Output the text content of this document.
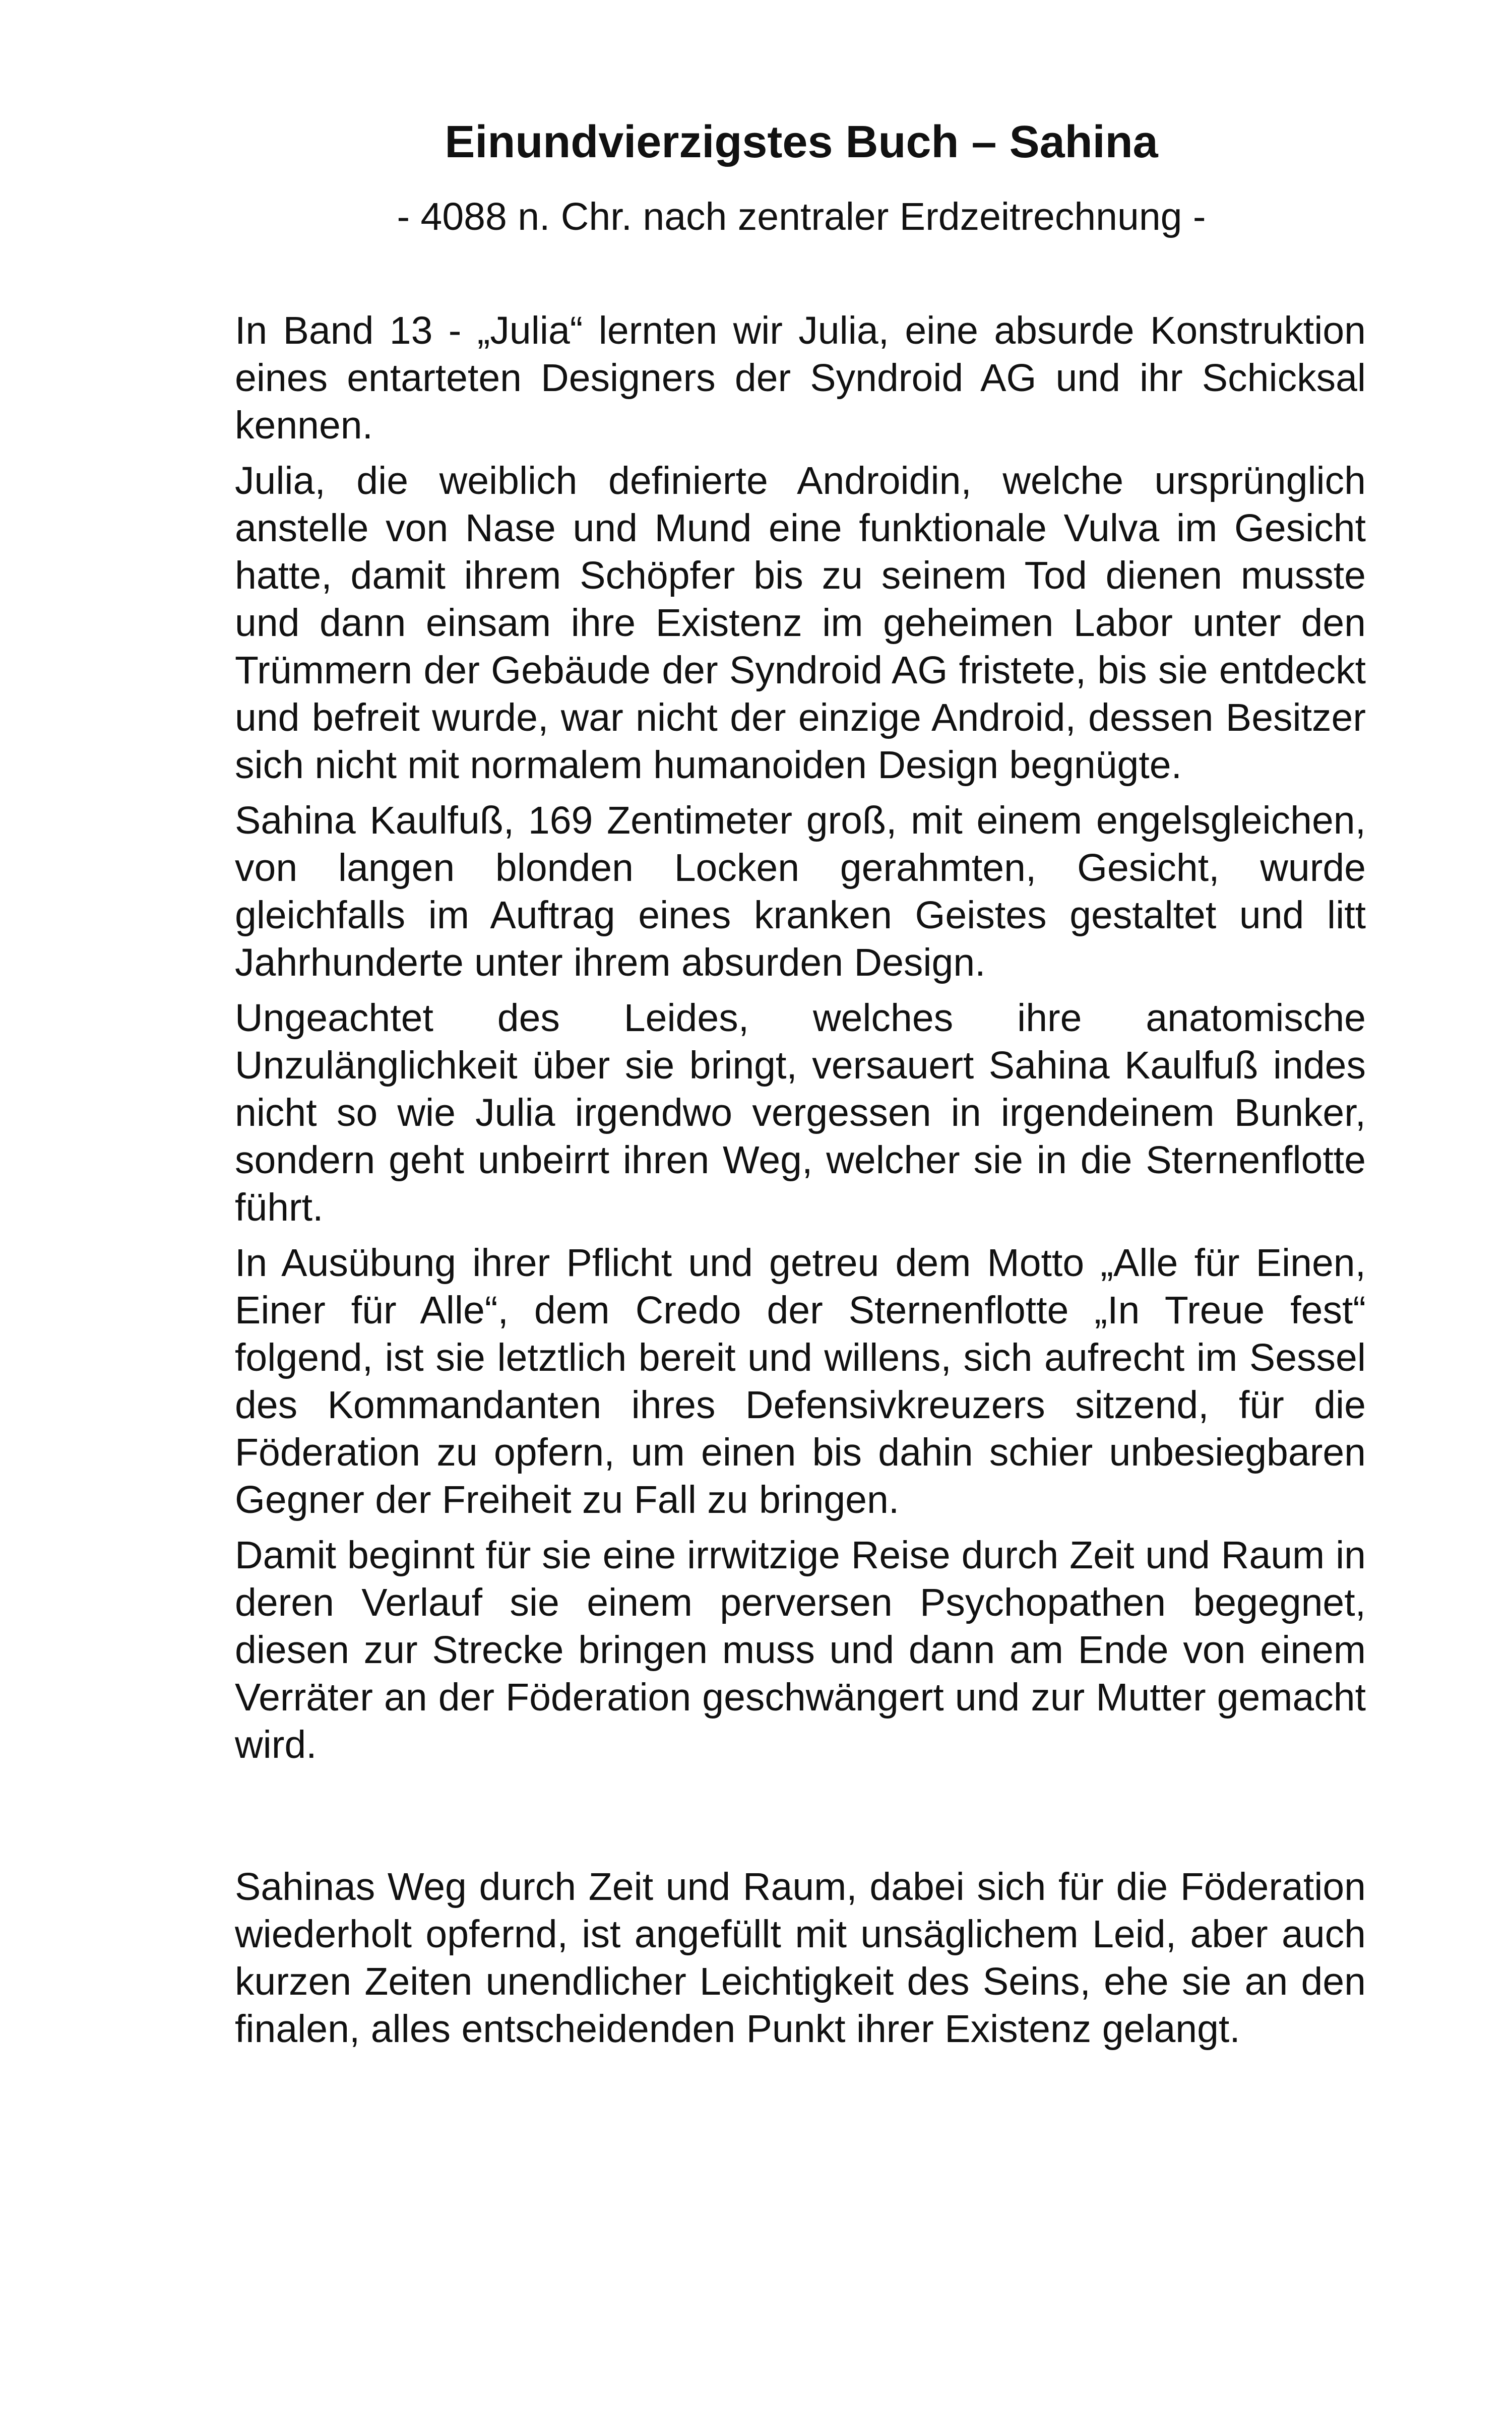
Einundvierzigstes Buch – Sahina
- 4088 n. Chr. nach zentraler Erdzeitrechnung -

In Band 13 - „Julia“ lernten wir Julia, eine absurde Konstruktion eines entarteten Designers der Syndroid AG und ihr Schicksal kennen.

Julia, die weiblich definierte Androidin, welche ursprünglich anstelle von Nase und Mund eine funktionale Vulva im Gesicht hatte, damit ihrem Schöpfer bis zu seinem Tod dienen musste und dann einsam ihre Existenz im geheimen Labor unter den Trümmern der Gebäude der Syndroid AG fristete, bis sie entdeckt und befreit wurde, war nicht der einzige Android, dessen Besitzer sich nicht mit normalem humanoiden Design begnügte.

Sahina Kaulfuß, 169 Zentimeter groß, mit einem engelsgleichen, von langen blonden Locken gerahmten, Gesicht, wurde gleichfalls im Auftrag eines kranken Geistes gestaltet und litt Jahrhunderte unter ihrem absurden Design.

Ungeachtet des Leides, welches ihre anatomische Unzulänglichkeit über sie bringt, versauert Sahina Kaulfuß indes nicht so wie Julia irgendwo vergessen in irgendeinem Bunker, sondern geht unbeirrt ihren Weg, welcher sie in die Sternenflotte führt.

In Ausübung ihrer Pflicht und getreu dem Motto „Alle für Einen, Einer für Alle“, dem Credo der Sternenflotte „In Treue fest“ folgend, ist sie letztlich bereit und willens, sich aufrecht im Sessel des Kommandanten ihres Defensivkreuzers sitzend, für die Föderation zu opfern, um einen bis dahin schier unbesiegbaren Gegner der Freiheit zu Fall zu bringen.

Damit beginnt für sie eine irrwitzige Reise durch Zeit und Raum in deren Verlauf sie einem perversen Psychopathen begegnet, diesen zur Strecke bringen muss und dann am Ende von einem Verräter an der Föderation geschwängert und zur Mutter gemacht wird.

Sahinas Weg durch Zeit und Raum, dabei sich für die Föderation wiederholt opfernd, ist angefüllt mit unsäglichem Leid, aber auch kurzen Zeiten unendlicher Leichtigkeit des Seins, ehe sie an den finalen, alles entscheidenden Punkt ihrer Existenz gelangt.
